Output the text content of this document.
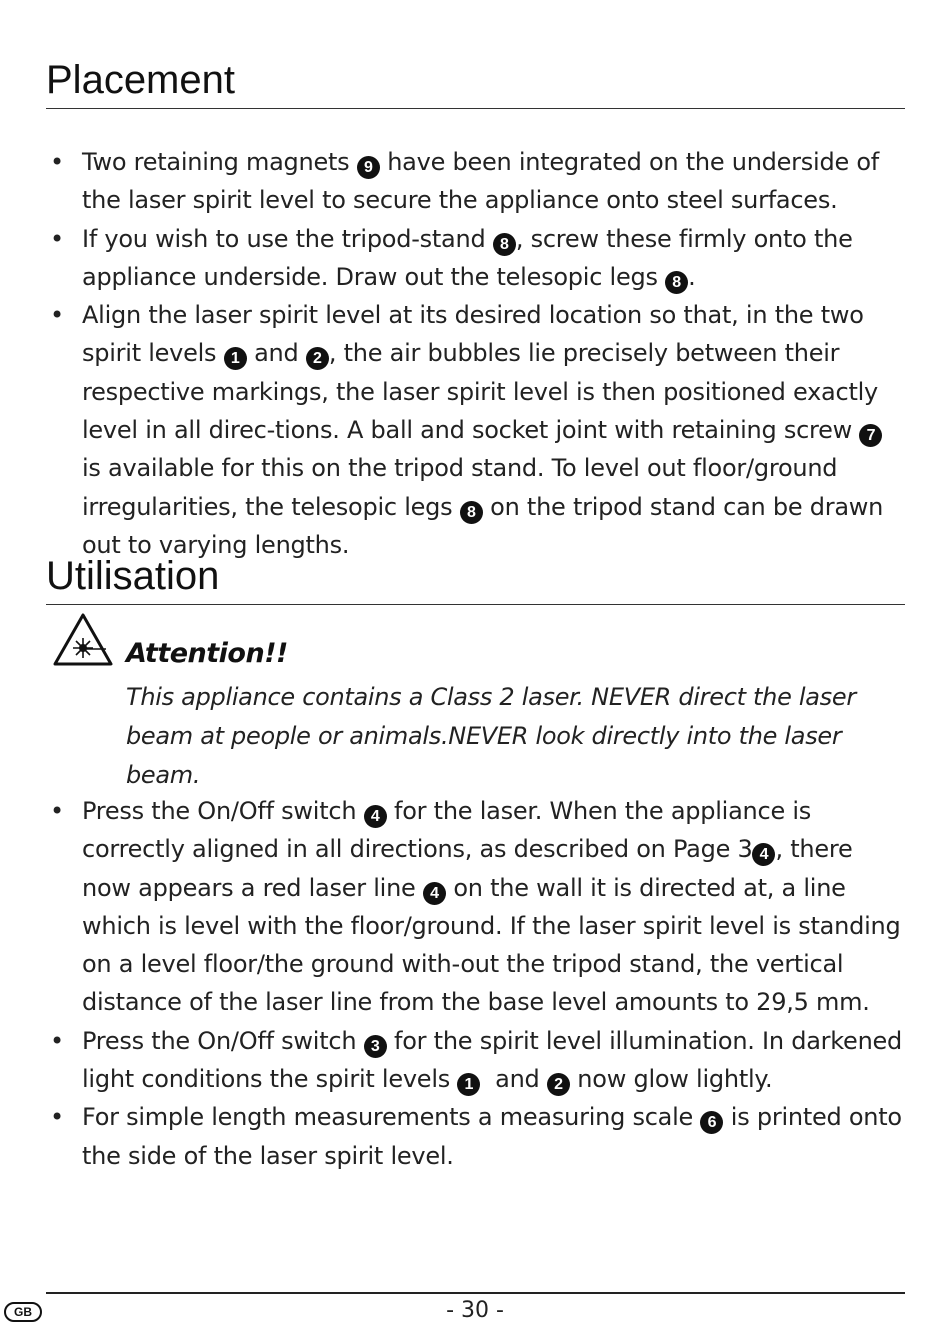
Placement
• Two retaining magnets 9 have been integrated on the underside of the laser spirit level to secure the appliance onto steel surfaces.
• If you wish to use the tripod-stand 8 , screw these firmly onto the appliance underside. Draw out the telesopic legs 8 .
• Align the laser spirit level at its desired location so that, in the two spirit levels 1 and 2 , the air bubbles lie precisely between their respective markings, the laser spirit level is then positioned exactly level in all direc-tions. A ball and socket joint with retaining screw 7 is available for this on the tripod stand. To level out floor/ground irregularities, the telesopic legs 8 on the tripod stand can be drawn out to varying lengths.
Utilisation
Attention!!
This appliance contains a Class 2 laser. NEVER direct the laser beam at people or animals.NEVER look directly into the laser beam.
• Press the On/Off switch 4 for the laser. When the appliance is correctly aligned in all directions, as described on Page 3 4 , there now appears a red laser line 4 on the wall it is directed at, a line which is level with the floor/ground. If the laser spirit level is standing on a level floor/the ground with-out the tripod stand, the vertical distance of the laser line from the base level amounts to 29,5 mm.
• Press the On/Off switch 3 for the spirit level illumination. In darkened light conditions the spirit levels 1  and 2 now glow lightly.
• For simple length measurements a measuring scale 6 is printed onto the side of the laser spirit level.
GB	- 30 -
